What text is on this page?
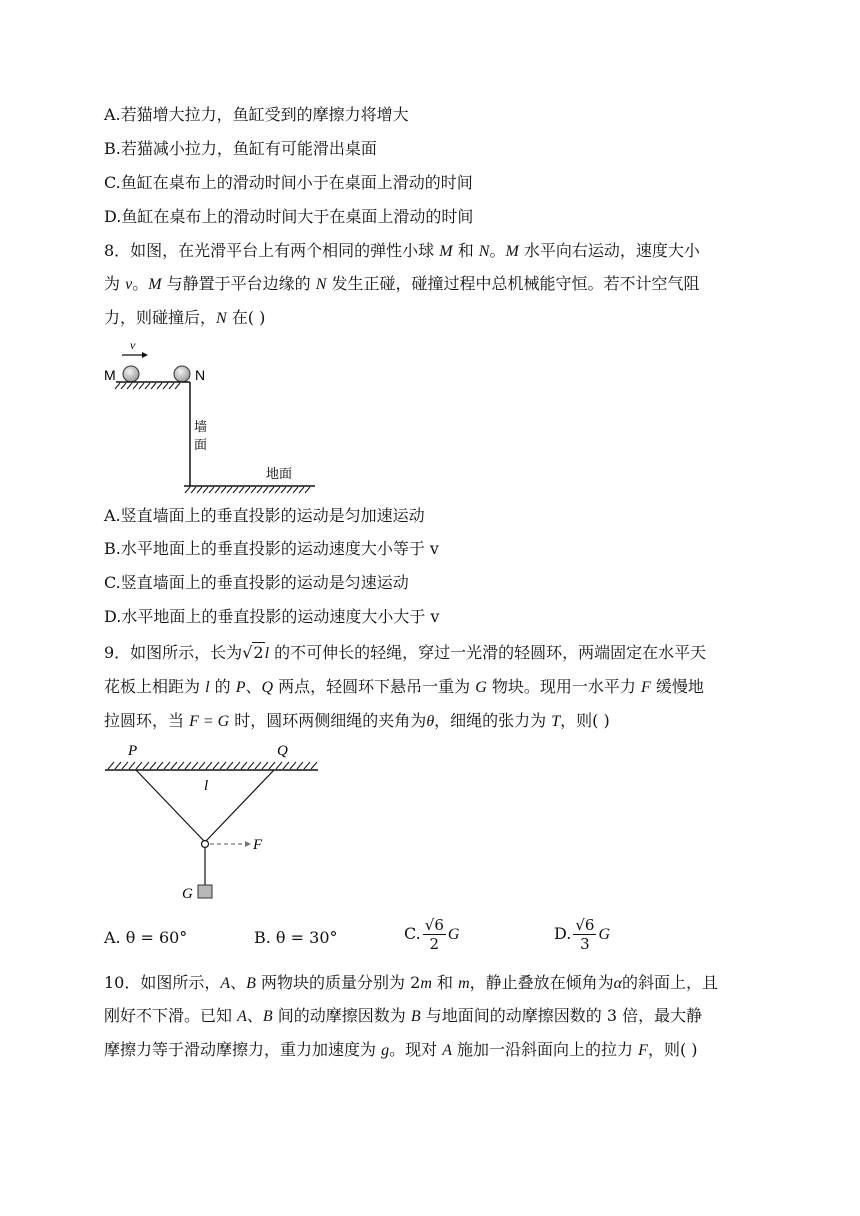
A.若猫增大拉力，鱼缸受到的摩擦力将增大
B.若猫减小拉力，鱼缸有可能滑出桌面
C.鱼缸在桌布上的滑动时间小于在桌面上滑动的时间
D.鱼缸在桌布上的滑动时间大于在桌面上滑动的时间
8．如图，在光滑平台上有两个相同的弹性小球 M 和 N。M 水平向右运动，速度大小
为 v。M 与静置于平台边缘的 N 发生正碰，碰撞过程中总机械能守恒。若不计空气阻
力，则碰撞后，N 在( )
v
M	N
墙
面
地面
A.竖直墙面上的垂直投影的运动是匀加速运动
B.水平地面上的垂直投影的运动速度大小等于 v
C.竖直墙面上的垂直投影的运动是匀速运动
D.水平地面上的垂直投影的运动速度大小大于 v
9．如图所示，长为√2l 的不可伸长的轻绳，穿过一光滑的轻圆环，两端固定在水平天
花板上相距为 l 的 P、Q 两点，轻圆环下悬吊一重为 G 物块。现用一水平力 F 缓慢地
拉圆环，当 F = G 时，圆环两侧细绳的夹角为θ，细绳的张力为 T，则( )
P	Q
l
F
G
A. θ = 60°	B. θ = 30°	C. $\frac{√6}{2}$ G	D. $\frac{√6}{3}$ G
10．如图所示，A、B 两物块的质量分别为 2m 和 m，静止叠放在倾角为α的斜面上，且
刚好不下滑。已知 A、B 间的动摩擦因数为 B 与地面间的动摩擦因数的 3 倍，最大静
摩擦力等于滑动摩擦力，重力加速度为 g。现对 A 施加一沿斜面向上的拉力 F，则( )
